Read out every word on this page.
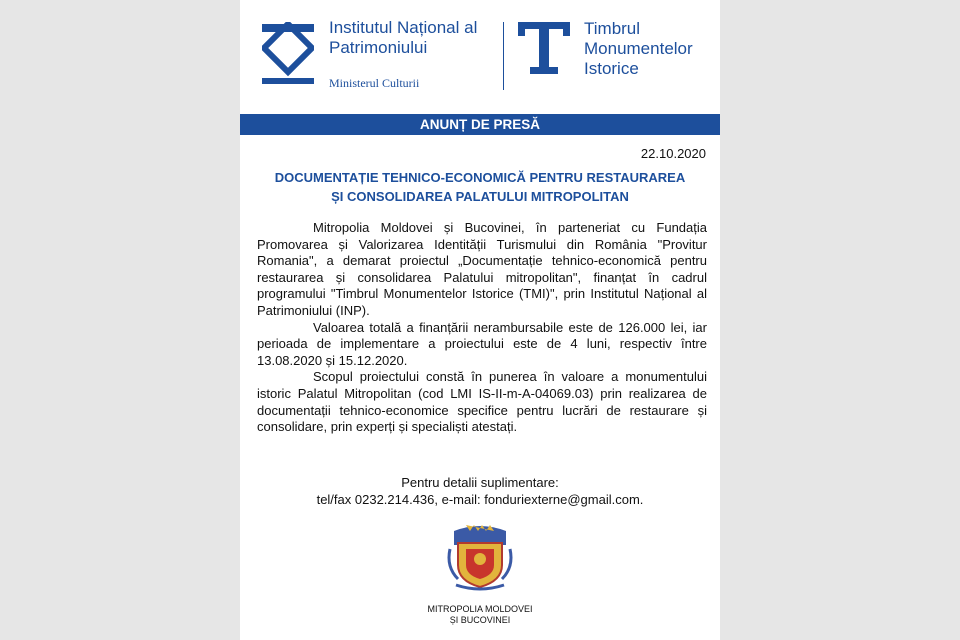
Institutul Național al
Patrimoniului
Ministerul Culturii
Timbrul
Monumentelor
Istorice
ANUNȚ DE PRESĂ
22.10.2020
DOCUMENTAȚIE TEHNICO-ECONOMICĂ PENTRU RESTAURAREA
ȘI CONSOLIDAREA PALATULUI MITROPOLITAN

Mitropolia Moldovei și Bucovinei, în parteneriat cu Fundația Promovarea și Valorizarea Identității Turismului din România "Provitur Romania", a demarat proiectul „Documentație tehnico-economică pentru restaurarea și consolidarea Palatului mitropolitan", finanțat în cadrul programului "Timbrul Monumentelor Istorice (TMI)", prin Institutul Național al Patrimoniului (INP).

Valoarea totală a finanțării nerambursabile este de 126.000 lei, iar perioada de implementare a proiectului este de 4 luni, respectiv între 13.08.2020 și 15.12.2020.

Scopul proiectului constă în punerea în valoare a monumentului istoric Palatul Mitropolitan (cod LMI IS-II-m-A-04069.03) prin realizarea de documentații tehnico-economice specifice pentru lucrări de restaurare și consolidare, prin experți și specialiști atestați.

Pentru detalii suplimentare:
tel/fax 0232.214.436, e-mail: fonduriexterne@gmail.com.
MITROPOLIA MOLDOVEI
ȘI BUCOVINEI
